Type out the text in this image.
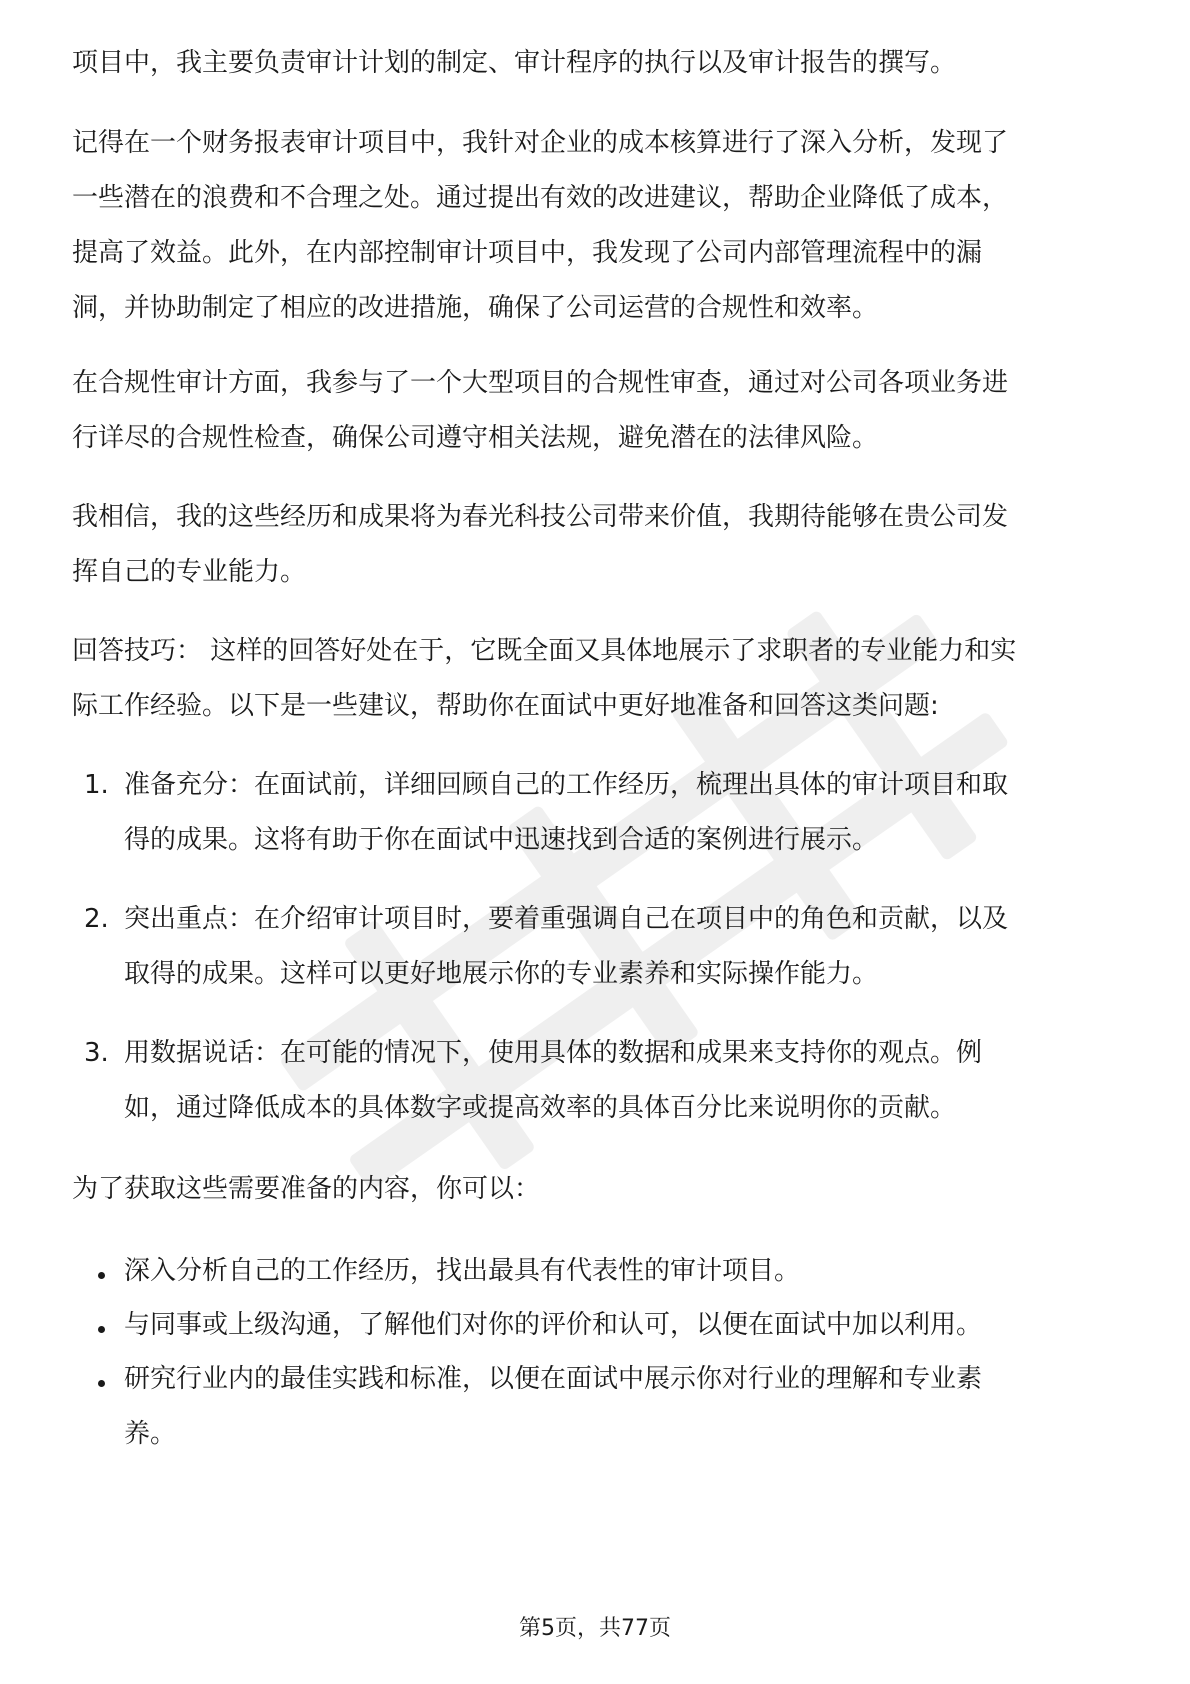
项目中，我主要负责审计计划的制定、审计程序的执行以及审计报告的撰写。
记得在一个财务报表审计项目中，我针对企业的成本核算进行了深入分析，发现了
一些潜在的浪费和不合理之处。通过提出有效的改进建议，帮助企业降低了成本，
提高了效益。此外，在内部控制审计项目中，我发现了公司内部管理流程中的漏
洞，并协助制定了相应的改进措施，确保了公司运营的合规性和效率。
在合规性审计方面，我参与了一个大型项目的合规性审查，通过对公司各项业务进
行详尽的合规性检查，确保公司遵守相关法规，避免潜在的法律风险。
我相信，我的这些经历和成果将为春光科技公司带来价值，我期待能够在贵公司发
挥自己的专业能力。
回答技巧： 这样的回答好处在于，它既全面又具体地展示了求职者的专业能力和实
际工作经验。以下是一些建议，帮助你在面试中更好地准备和回答这类问题:
1. 准备充分：在面试前，详细回顾自己的工作经历，梳理出具体的审计项目和取
得的成果。这将有助于你在面试中迅速找到合适的案例进行展示。
2. 突出重点：在介绍审计项目时，要着重强调自己在项目中的角色和贡献，以及
取得的成果。这样可以更好地展示你的专业素养和实际操作能力。
3. 用数据说话：在可能的情况下，使用具体的数据和成果来支持你的观点。例
如，通过降低成本的具体数字或提高效率的具体百分比来说明你的贡献。
为了获取这些需要准备的内容，你可以：
深入分析自己的工作经历，找出最具有代表性的审计项目。
与同事或上级沟通，了解他们对你的评价和认可，以便在面试中加以利用。
研究行业内的最佳实践和标准，以便在面试中展示你对行业的理解和专业素
养。
第5页，共77页
